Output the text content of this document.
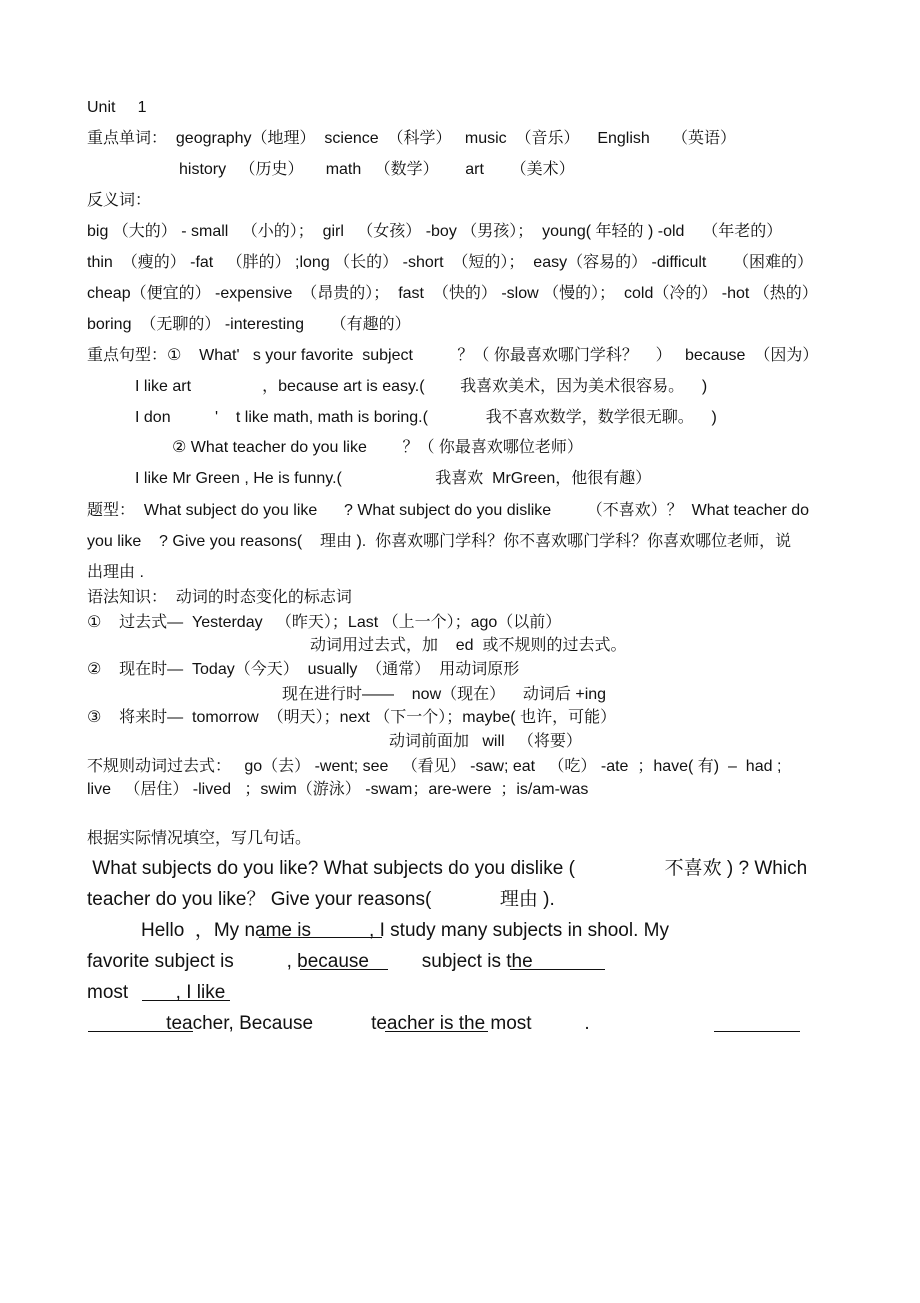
Unit     1
重点单词：  geography（地理）  science  （科学）   music  （音乐）    English     （英语）
history   （历史）     math   （数学）      art      （美术）
反义词：
big （大的） - small   （小的）；  girl   （女孩） -boy （男孩）；  young( 年轻的 ) -old    （年老的）
thin  （瘦的） -fat   （胖的） ;long （长的） -short  （短的）；  easy（容易的） -difficult      （困难的）
cheap（便宜的） -expensive  （昂贵的）；  fast  （快的） -slow （慢的）；  cold（冷的） -hot （热的）
boring  （无聊的） -interesting      （有趣的）
重点句型：①    What'   s your favorite  subject          ？（ 你最喜欢哪门学科？    ）   because  （因为）
I like art                ，because art is easy.(        我喜欢美术，因为美术很容易。    )
I don          '    t like math, math is boring.(             我不喜欢数学，数学很无聊。    )
② What teacher do you like        ？（ 你最喜欢哪位老师）
I like Mr Green , He is funny.(                     我喜欢  MrGreen，他很有趣）
题型：  What subject do you like      ? What subject do you dislike        （不喜欢）？  What teacher do
you like    ? Give you reasons(    理由 ).  你喜欢哪门学科？你不喜欢哪门学科？你喜欢哪位老师，说
出理由 .
语法知识：  动词的时态变化的标志词
①    过去式—  Yesterday   （昨天）；Last （上一个）；ago（以前）
动词用过去式，加    ed  或不规则的过去式。
②    现在时—  Today（今天）  usually  （通常）  用动词原形
现在进行时——    now（现在）    动词后 +ing
③    将来时—  tomorrow  （明天）；next （下一个）；maybe( 也许，可能）
动词前面加   will   （将要）
不规则动词过去式：   go（去） -went; see   （看见） -saw; eat   （吃） -ate  ；have( 有)  –  had ;
live   （居住） -lived   ；swim（游泳） -swam；are-were  ；is/am-was
根据实际情况填空，写几句话。
What subjects do you like? What subjects do you dislike (                 不喜欢 ) ? Which
teacher do you like？ Give your reasons(             理由 ).
Hello  ，My name is           , I study many subjects in shool. My
favorite subject is          , because          subject is the
most         , I like
teacher, Because           teacher is the most          .
